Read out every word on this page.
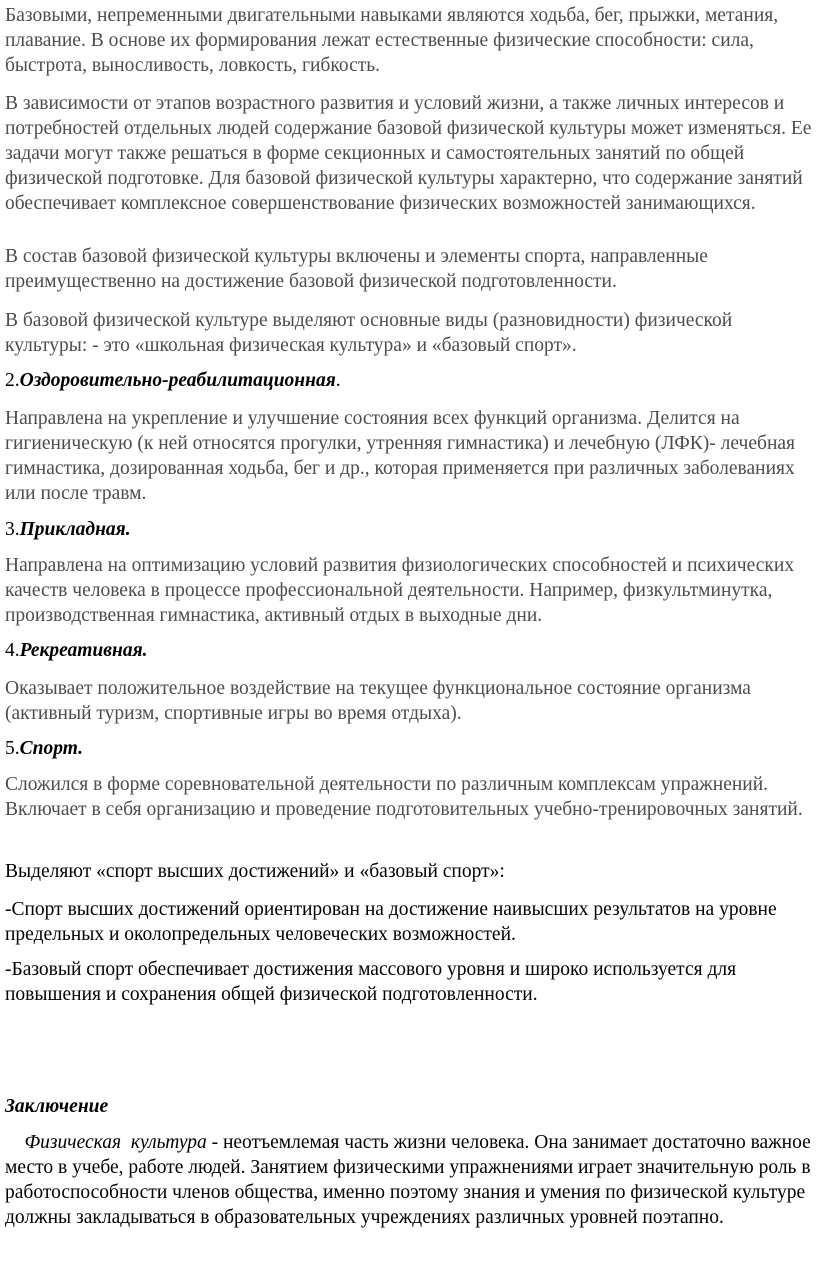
Базовыми, непременными двигательными навыками являются ходьба, бег, прыжки, метания, плавание. В основе их формирования лежат естественные физические способности: сила, быстрота, выносливость, ловкость, гибкость.

В зависимости от этапов возрастного развития и условий жизни, а также личных интересов и потребностей отдельных людей содержание базовой физической культуры может изменяться. Ее задачи могут также решаться в форме секционных и самостоятельных занятий по общей физической подготовке. Для базовой физической культуры характерно, что содержание занятий обеспечивает комплексное совершенствование физических возможностей занимающихся.

В состав базовой физической культуры включены и элементы спорта, направленные преимущественно на достижение базовой физической подготовленности.

В базовой физической культуре выделяют основные виды (разновидности) физической культуры: - это «школьная физическая культура» и «базовый спорт».

2.Оздоровительно-реабилитационная.

Направлена на укрепление и улучшение состояния всех функций организма. Делится на гигиеническую (к ней относятся прогулки, утренняя гимнастика) и лечебную (ЛФК)- лечебная гимнастика, дозированная ходьба, бег и др., которая применяется при различных заболеваниях или после травм.

3.Прикладная.

Направлена на оптимизацию условий развития физиологических способностей и психических качеств человека в процессе профессиональной деятельности. Например, физкультминутка, производственная гимнастика, активный отдых в выходные дни.

4.Рекреативная.

Оказывает положительное воздействие на текущее функциональное состояние организма (активный туризм, спортивные игры во время отдыха).

5.Спорт.

Сложился в форме соревновательной деятельности по различным комплексам упражнений. Включает в себя организацию и проведение подготовительных учебно-тренировочных занятий.

Выделяют «спорт высших достижений» и «базовый спорт»:

-Спорт высших достижений ориентирован на достижение наивысших результатов на уровне предельных и околопредельных человеческих возможностей.

-Базовый спорт обеспечивает достижения массового уровня и широко используется для повышения и сохранения общей физической подготовленности.

Заключение

Физическая  культура - неотъемлемая часть жизни человека. Она занимает достаточно важное место в учебе, работе людей. Занятием физическими упражнениями играет значительную роль в работоспособности членов общества, именно поэтому знания и умения по физической культуре должны закладываться в образовательных учреждениях различных уровней поэтапно.
